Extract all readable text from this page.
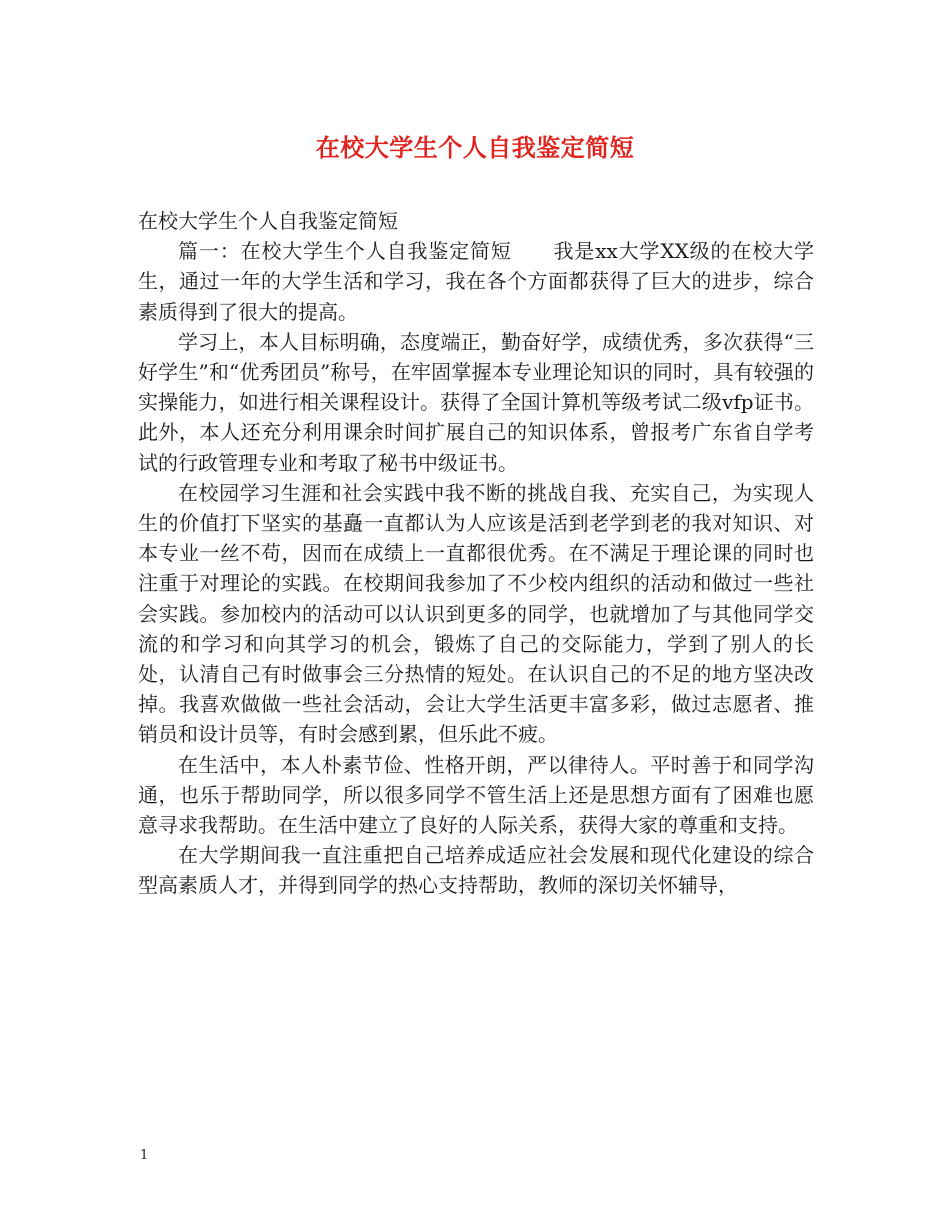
在校大学生个人自我鉴定简短

在校大学生个人自我鉴定简短

篇一：在校大学生个人自我鉴定简短　　我是xx大学XX级的在校大学生，通过一年的大学生活和学习，我在各个方面都获得了巨大的进步，综合素质得到了很大的提高。

学习上，本人目标明确，态度端正，勤奋好学，成绩优秀，多次获得“三好学生”和“优秀团员”称号，在牢固掌握本专业理论知识的同时，具有较强的实操能力，如进行相关课程设计。获得了全国计算机等级考试二级vfp证书。此外，本人还充分利用课余时间扩展自己的知识体系，曾报考广东省自学考试的行政管理专业和考取了秘书中级证书。

在校园学习生涯和社会实践中我不断的挑战自我、充实自己，为实现人生的价值打下坚实的基矗一直都认为人应该是活到老学到老的我对知识、对本专业一丝不苟，因而在成绩上一直都很优秀。在不满足于理论课的同时也注重于对理论的实践。在校期间我参加了不少校内组织的活动和做过一些社会实践。参加校内的活动可以认识到更多的同学，也就增加了与其他同学交流的和学习和向其学习的机会，锻炼了自己的交际能力，学到了别人的长处，认清自己有时做事会三分热情的短处。在认识自己的不足的地方坚决改掉。我喜欢做做一些社会活动，会让大学生活更丰富多彩，做过志愿者、推销员和设计员等，有时会感到累，但乐此不疲。

在生活中，本人朴素节俭、性格开朗，严以律待人。平时善于和同学沟通，也乐于帮助同学，所以很多同学不管生活上还是思想方面有了困难也愿意寻求我帮助。在生活中建立了良好的人际关系，获得大家的尊重和支持。

在大学期间我一直注重把自己培养成适应社会发展和现代化建设的综合型高素质人才，并得到同学的热心支持帮助，教师的深切关怀辅导，

1
